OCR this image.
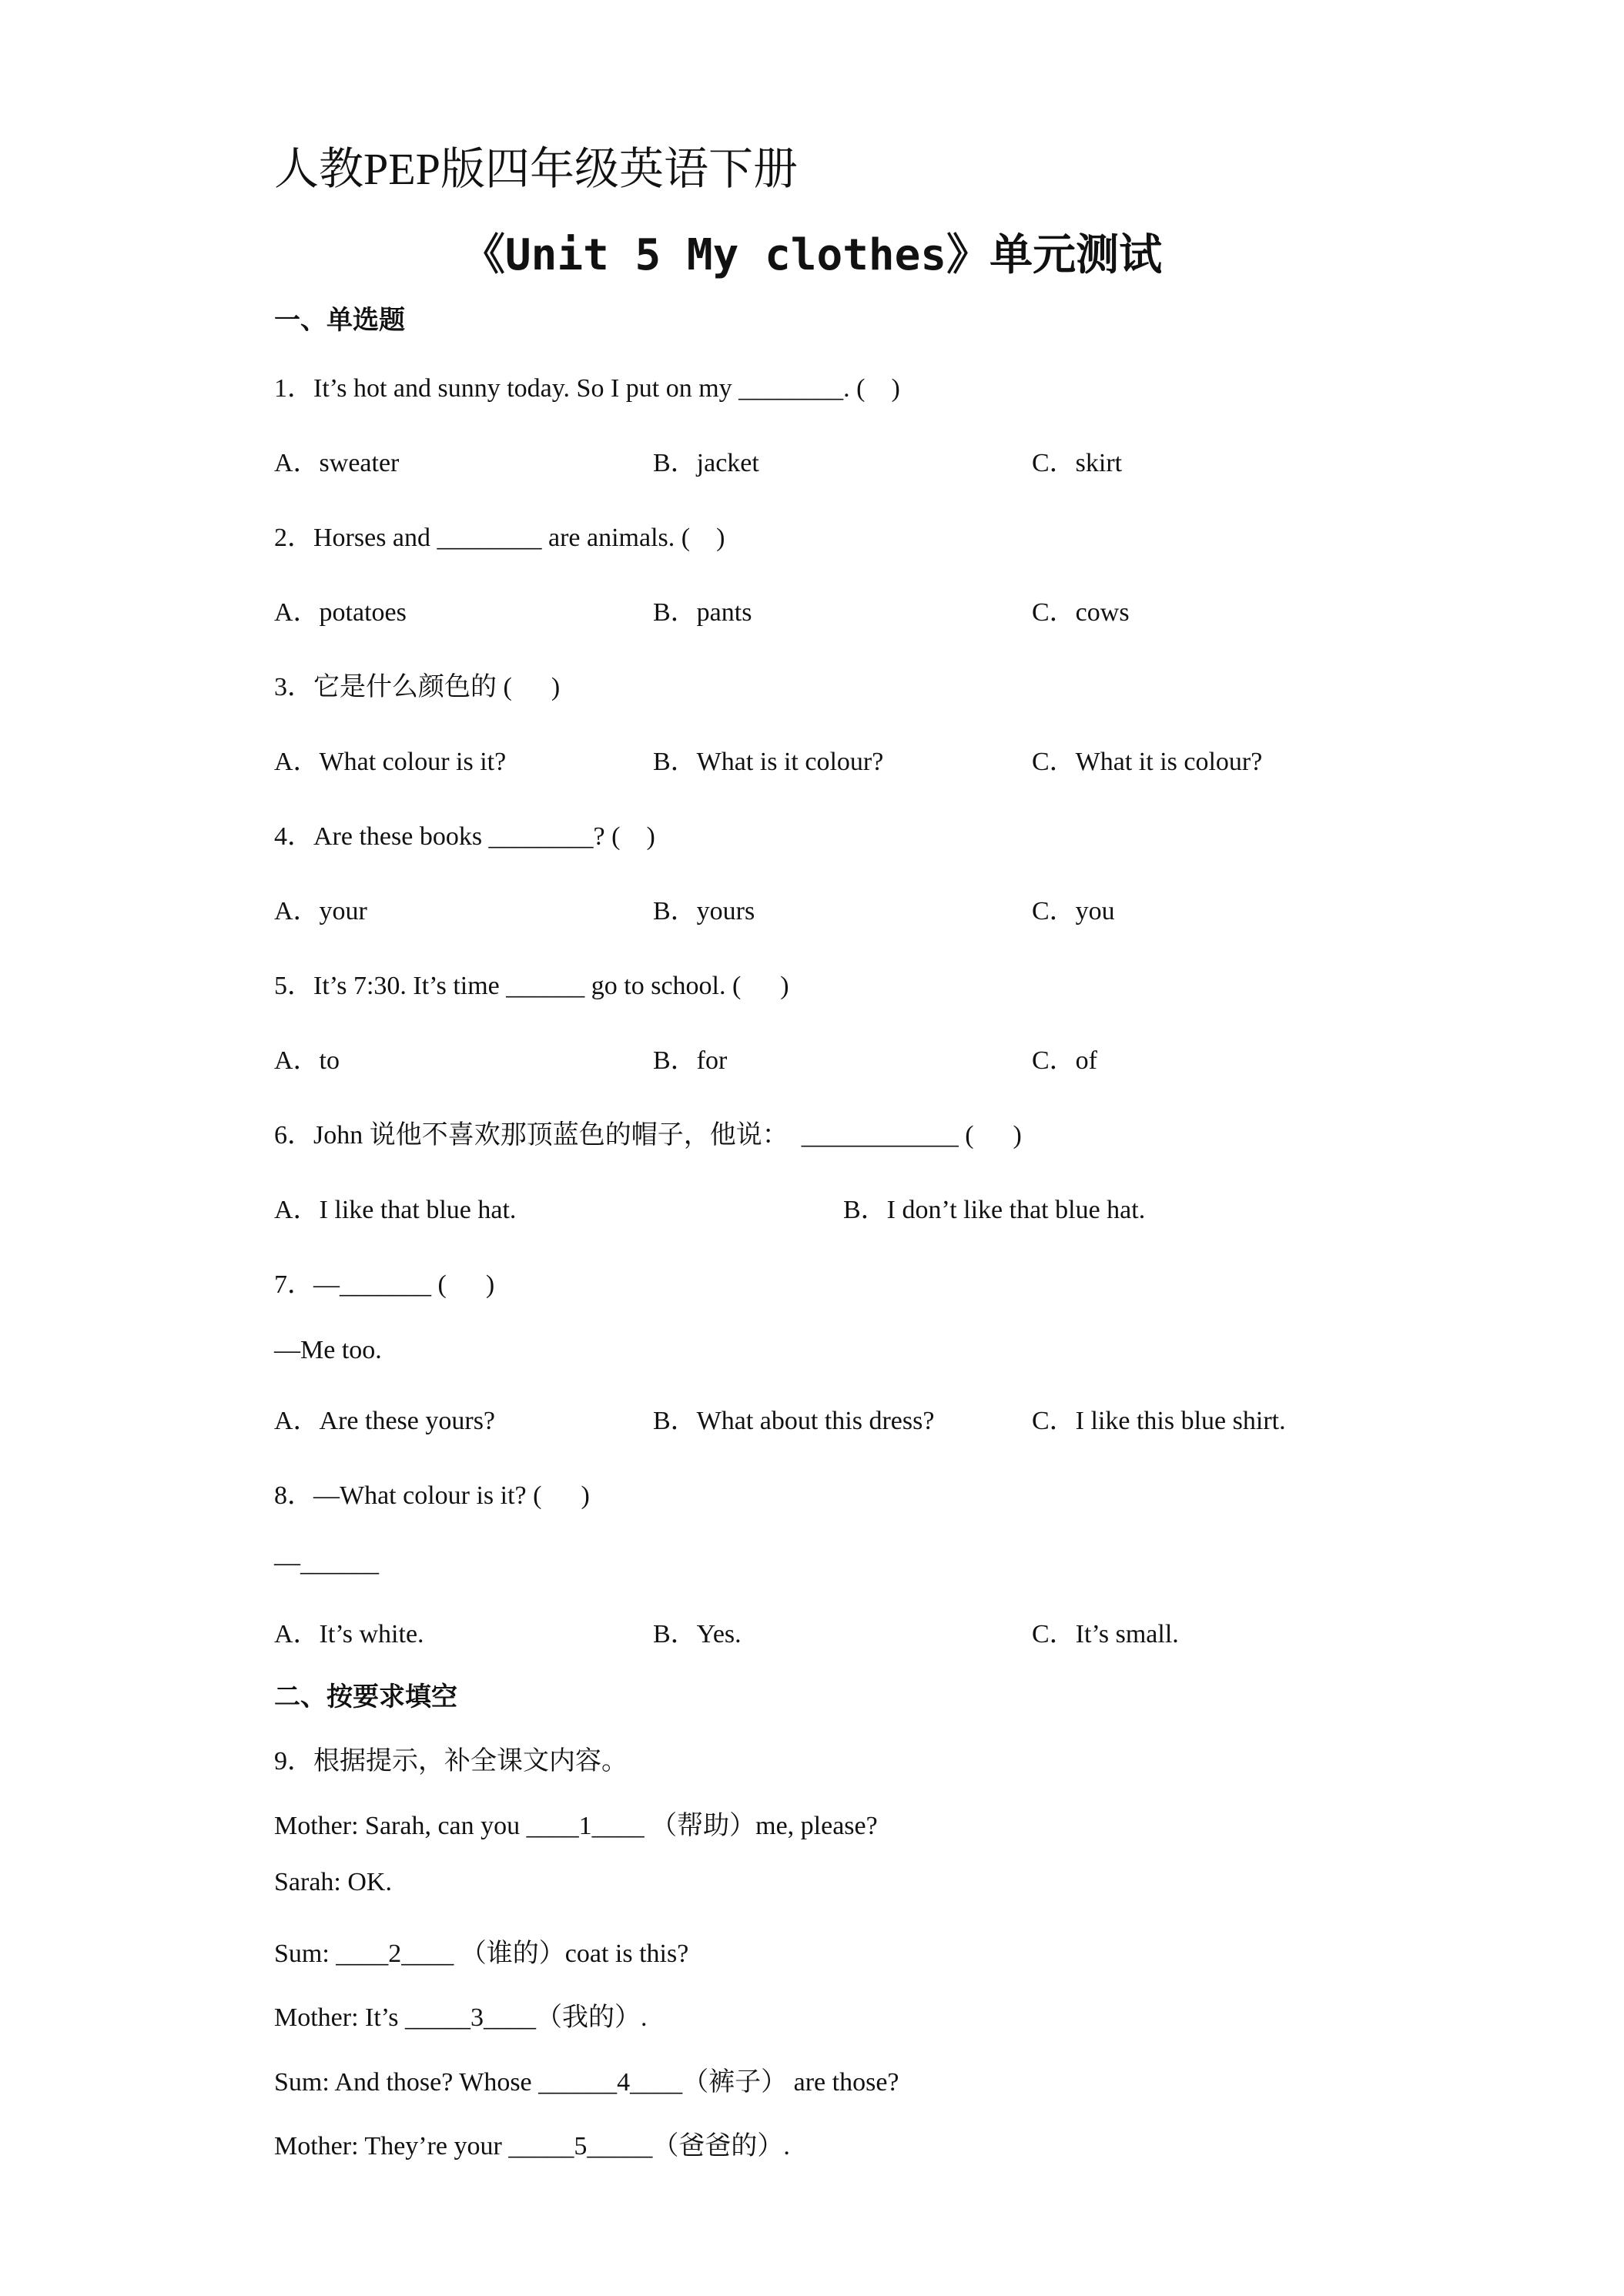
人教PEP版四年级英语下册
《Unit 5 My clothes》单元测试
一、单选题
1．It’s hot and sunny today. So I put on my ________. (    )
A．sweater	B．jacket	C．skirt
2．Horses and ________ are animals. (    )
A．potatoes	B．pants	C．cows
3．它是什么颜色的 (      )
A．What colour is it?	B．What is it colour?	C．What it is colour?
4．Are these books ________? (    )
A．your	B．yours	C．you
5．It’s 7:30. It’s time ______ go to school. (      )
A．to	B．for	C．of
6．John 说他不喜欢那顶蓝色的帽子，他说：  ____________ (      )
A．I like that blue hat.	B．I don’t like that blue hat.
7．—_______ (      )
—Me too.
A．Are these yours?	B．What about this dress?	C．I like this blue shirt.
8．—What colour is it? (      )
—______
A．It’s white.	B．Yes.	C．It’s small.
二、按要求填空
9．根据提示，补全课文内容。
Mother: Sarah, can you ____1____ （帮助）me, please?
Sarah: OK.
Sum: ____2____ （谁的）coat is this?
Mother: It’s _____3____（我的）.
Sum: And those? Whose ______4____（裤子） are those?
Mother: They’re your _____5_____（爸爸的）.
